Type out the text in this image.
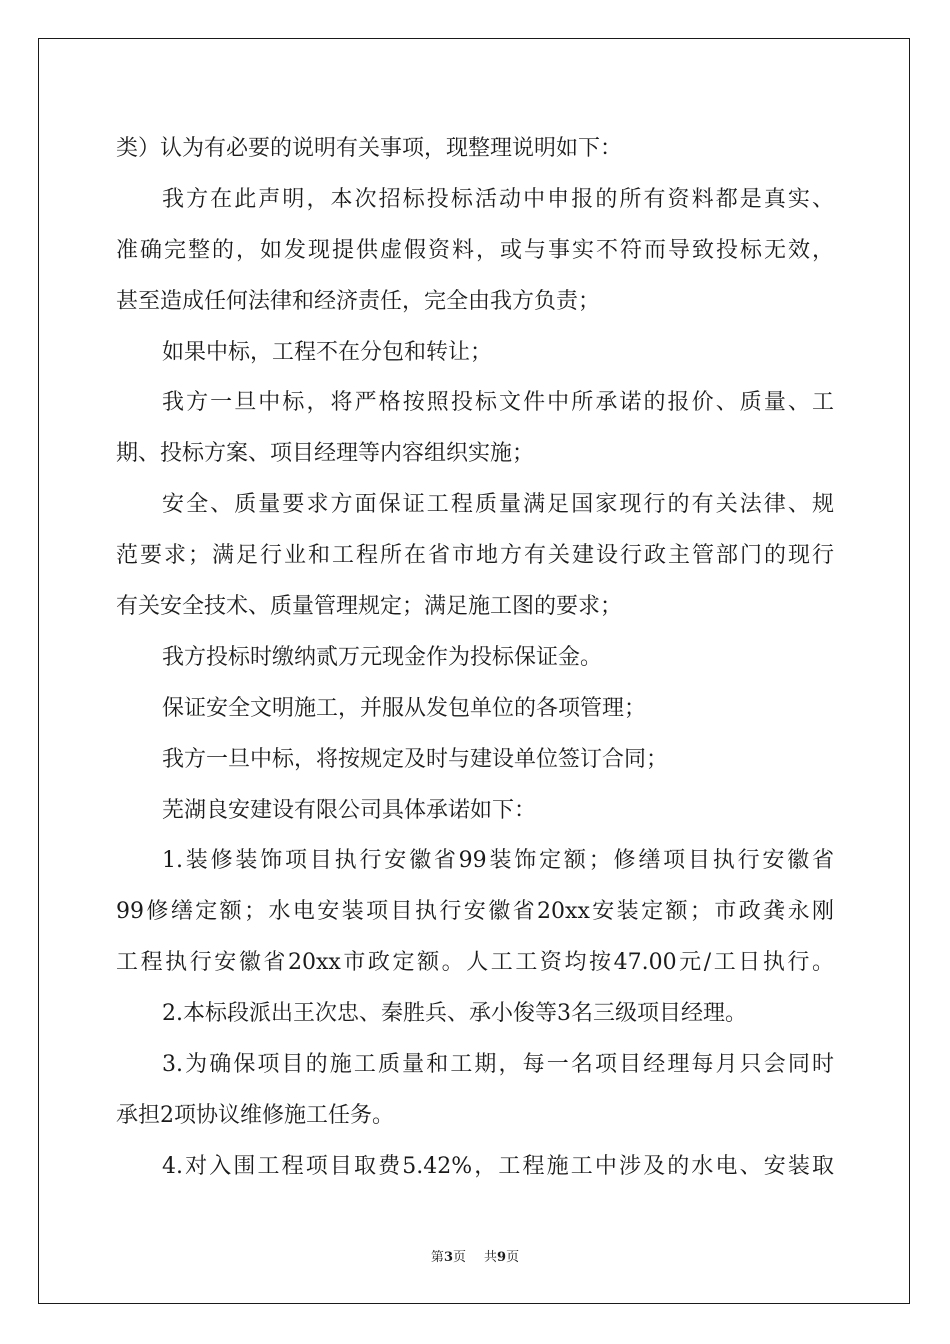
类）认为有必要的说明有关事项，现整理说明如下：
我方在此声明，本次招标投标活动中申报的所有资料都是真实、
准确完整的，如发现提供虚假资料，或与事实不符而导致投标无效，
甚至造成任何法律和经济责任，完全由我方负责；
如果中标，工程不在分包和转让；
我方一旦中标，将严格按照投标文件中所承诺的报价、质量、工
期、投标方案、项目经理等内容组织实施；
安全、质量要求方面保证工程质量满足国家现行的有关法律、规
范要求；满足行业和工程所在省市地方有关建设行政主管部门的现行
有关安全技术、质量管理规定；满足施工图的要求；
我方投标时缴纳贰万元现金作为投标保证金。
保证安全文明施工，并服从发包单位的各项管理；
我方一旦中标，将按规定及时与建设单位签订合同；
芜湖良安建设有限公司具体承诺如下：
1.装修装饰项目执行安徽省99装饰定额；修缮项目执行安徽省
99修缮定额；水电安装项目执行安徽省20xx安装定额；市政龚永刚
工程执行安徽省20xx市政定额。人工工资均按47.00元/工日执行。
2.本标段派出王次忠、秦胜兵、承小俊等3名三级项目经理。
3.为确保项目的施工质量和工期，每一名项目经理每月只会同时
承担2项协议维修施工任务。
4.对入围工程项目取费5.42%，工程施工中涉及的水电、安装取
第3页 共9页
